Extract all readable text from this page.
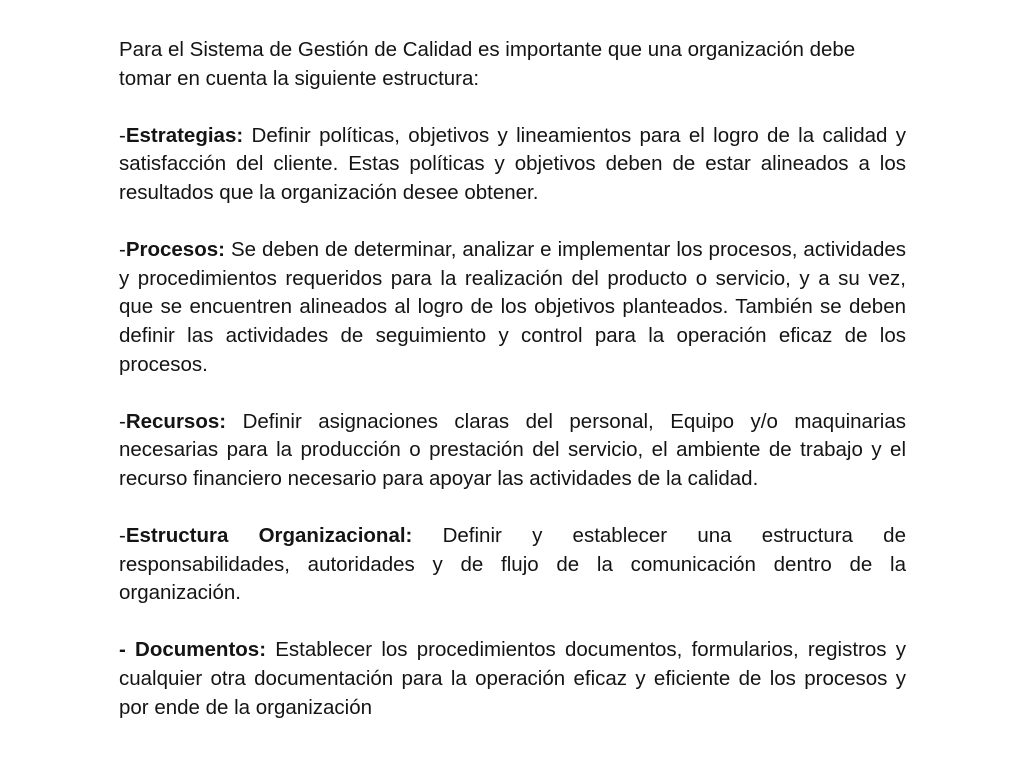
Para el Sistema de Gestión de Calidad es importante que una organización debe tomar en cuenta la siguiente estructura:

-Estrategias: Definir políticas, objetivos y lineamientos para el logro de la calidad y satisfacción del cliente. Estas políticas y objetivos deben de estar alineados a los resultados que la organización desee obtener.

-Procesos: Se deben de determinar, analizar e implementar los procesos, actividades y procedimientos requeridos para la realización del producto o servicio, y a su vez, que se encuentren alineados al logro de los objetivos planteados. También se deben definir las actividades de seguimiento y control para la operación eficaz de los procesos.

-Recursos: Definir asignaciones claras del personal, Equipo y/o maquinarias necesarias para la producción o prestación del servicio, el ambiente de trabajo y el recurso financiero necesario para apoyar las actividades de la calidad.

-Estructura Organizacional: Definir y establecer una estructura de responsabilidades, autoridades y de flujo de la comunicación dentro de la organización.

- Documentos: Establecer los procedimientos documentos, formularios, registros y cualquier otra documentación para la operación eficaz y eficiente de los procesos y por ende de la organización
